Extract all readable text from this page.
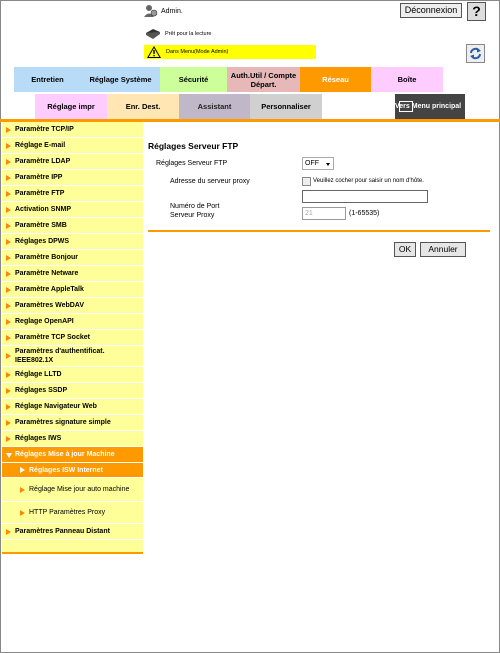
Admin.	Déconnexion	?
Prêt pour la lecture
Dans Menu(Mode Admin)
Entretien	Réglage Système	Sécurité	Auth.Util / Compte Départ.	Réseau	Boîte
Réglage impr	Enr. Dest.	Assistant	Personnaliser	Vers Menu principal
Paramètre TCP/IP
Réglage E-mail
Paramètre LDAP
Paramètre IPP
Paramètre FTP
Activation SNMP
Paramètre SMB
Réglages DPWS
Paramètre Bonjour
Paramètre Netware
Paramètre AppleTalk
Paramètres WebDAV
Reglage OpenAPI
Paramètre TCP Socket
Paramètres d'authentificat. IEEE802.1X
Réglage LLTD
Réglages SSDP
Réglage Navigateur Web
Paramètres signature simple
Réglages IWS
Réglages Mise à jour Machine
Réglages ISW Internet
Réglage Mise jour auto machine
HTTP Paramètres Proxy
Paramètres Panneau Distant
Réglages Serveur FTP
Réglages Serveur FTP	OFF
Adresse du serveur proxy	Veuillez cocher pour saisir un nom d'hôte.
Numéro de Port
Serveur Proxy	21	(1-65535)
OK	Annuler
